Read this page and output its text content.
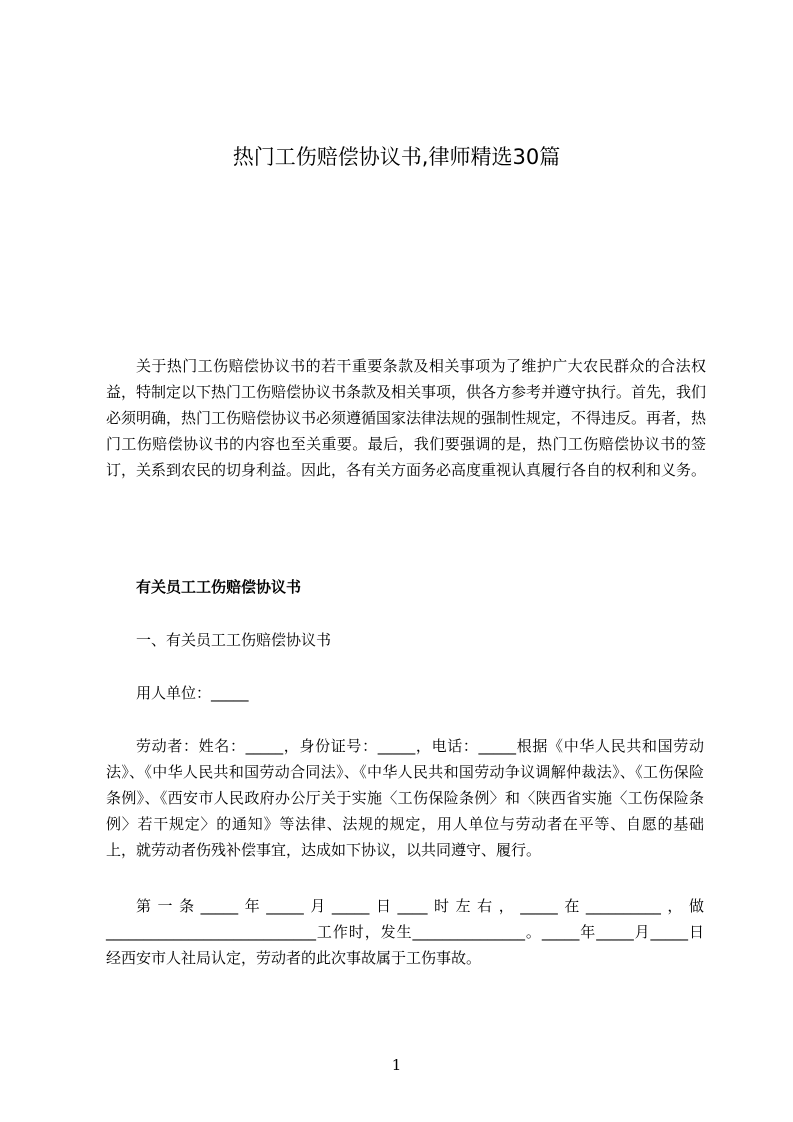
热门工伤赔偿协议书,律师精选30篇

关于热门工伤赔偿协议书的若干重要条款及相关事项为了维护广大农民群众的合法权益，特制定以下热门工伤赔偿协议书条款及相关事项，供各方参考并遵守执行。首先，我们必须明确，热门工伤赔偿协议书必须遵循国家法律法规的强制性规定，不得违反。再者，热门工伤赔偿协议书的内容也至关重要。最后，我们要强调的是，热门工伤赔偿协议书的签订，关系到农民的切身利益。因此，各有关方面务必高度重视认真履行各自的权利和义务。

有关员工工伤赔偿协议书
一、有关员工工伤赔偿协议书
用人单位：_____

劳动者：姓名：_____，身份证号：_____，电话：_____根据《中华人民共和国劳动法》、《中华人民共和国劳动合同法》、《中华人民共和国劳动争议调解仲裁法》、《工伤保险条例》、《西安市人民政府办公厅关于实施〈工伤保险条例〉和〈陕西省实施〈工伤保险条例〉若干规定〉的通知》等法律、法规的规定，用人单位与劳动者在平等、自愿的基础上，就劳动者伤残补偿事宜，达成如下协议，以共同遵守、履行。

第一条_____年_____月_____日____时左右，_____在__________，做____________________________工作时，发生_______________。_____年_____月_____日经西安市人社局认定，劳动者的此次事故属于工伤事故。

1
